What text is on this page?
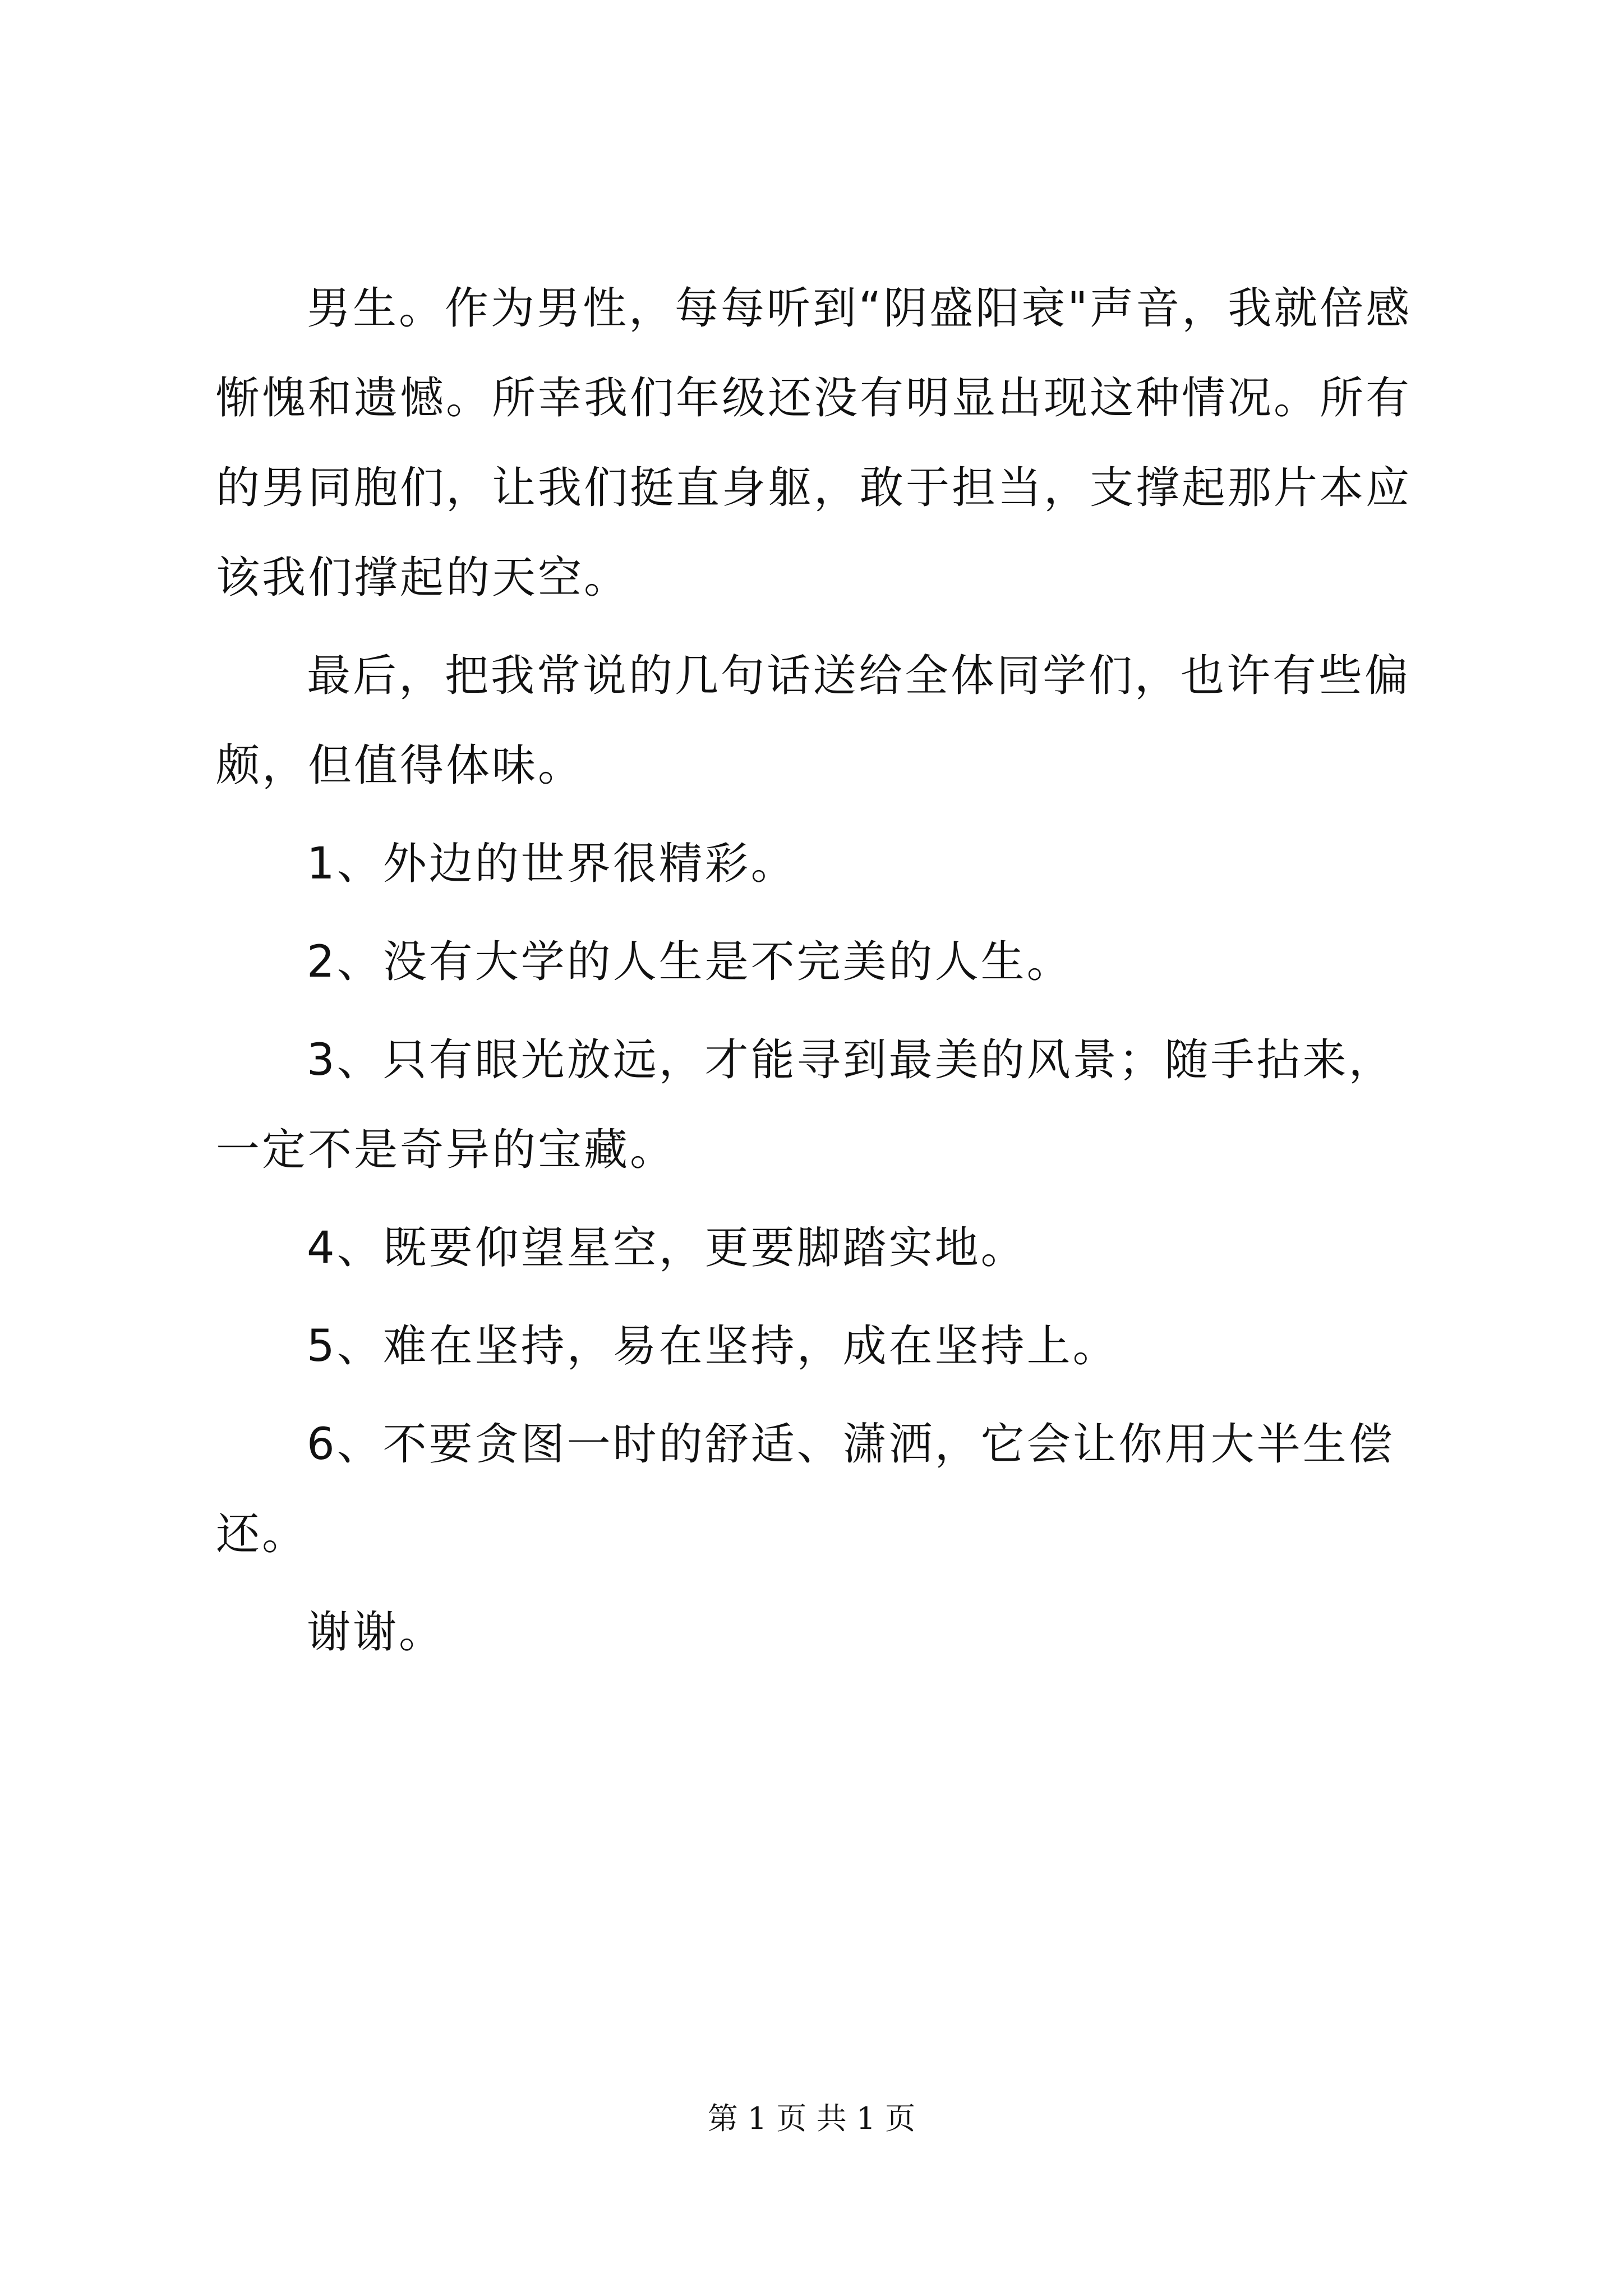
男生。作为男性，每每听到“阴盛阳衰"声音，我就倍感惭愧和遗憾。所幸我们年级还没有明显出现这种情况。所有的男同胞们，让我们挺直身躯，敢于担当，支撑起那片本应该我们撑起的天空。

最后，把我常说的几句话送给全体同学们，也许有些偏颇，但值得体味。

1、外边的世界很精彩。

2、没有大学的人生是不完美的人生。

3、只有眼光放远，才能寻到最美的风景；随手拈来，一定不是奇异的宝藏。

4、既要仰望星空，更要脚踏实地。

5、难在坚持，易在坚持，成在坚持上。

6、不要贪图一时的舒适、潇洒，它会让你用大半生偿还。

谢谢。

第 1 页 共 1 页
